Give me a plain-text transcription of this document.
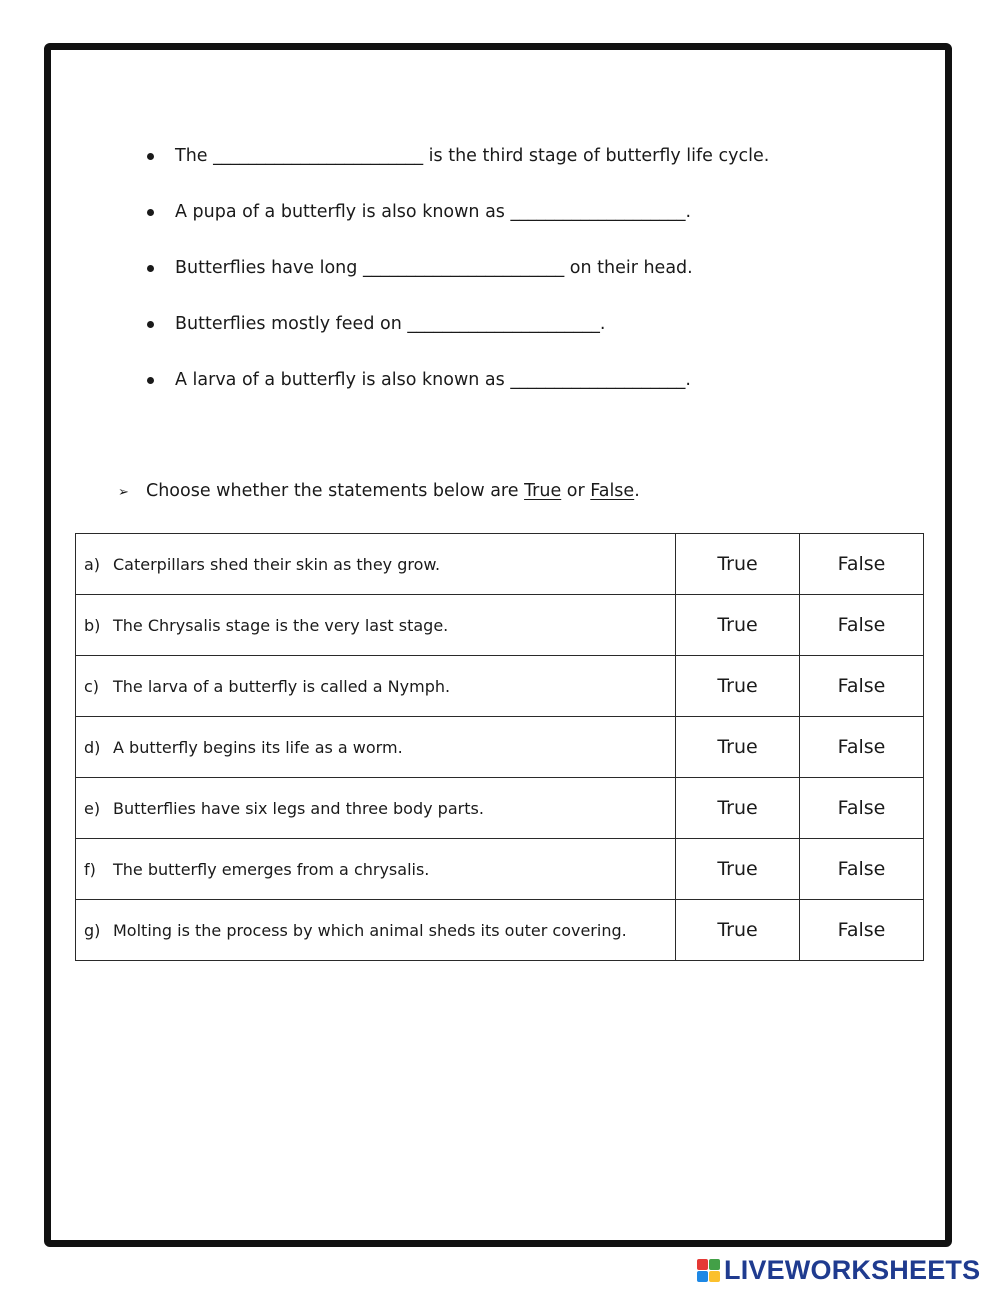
The ________________________ is the third stage of butterfly life cycle.
A pupa of a butterfly is also known as ____________________.
Butterflies have long _______________________ on their head.
Butterflies mostly feed on ______________________.
A larva of a butterfly is also known as ____________________.
➢ Choose whether the statements below are True or False.
a) Caterpillars shed their skin as they grow.	True	False
b) The Chrysalis stage is the very last stage.	True	False
c) The larva of a butterfly is called a Nymph.	True	False
d) A butterfly begins its life as a worm.	True	False
e) Butterflies have six legs and three body parts.	True	False
f) The butterfly emerges from a chrysalis.	True	False
g) Molting is the process by which animal sheds its outer covering.	True	False
LIVEWORKSHEETS
